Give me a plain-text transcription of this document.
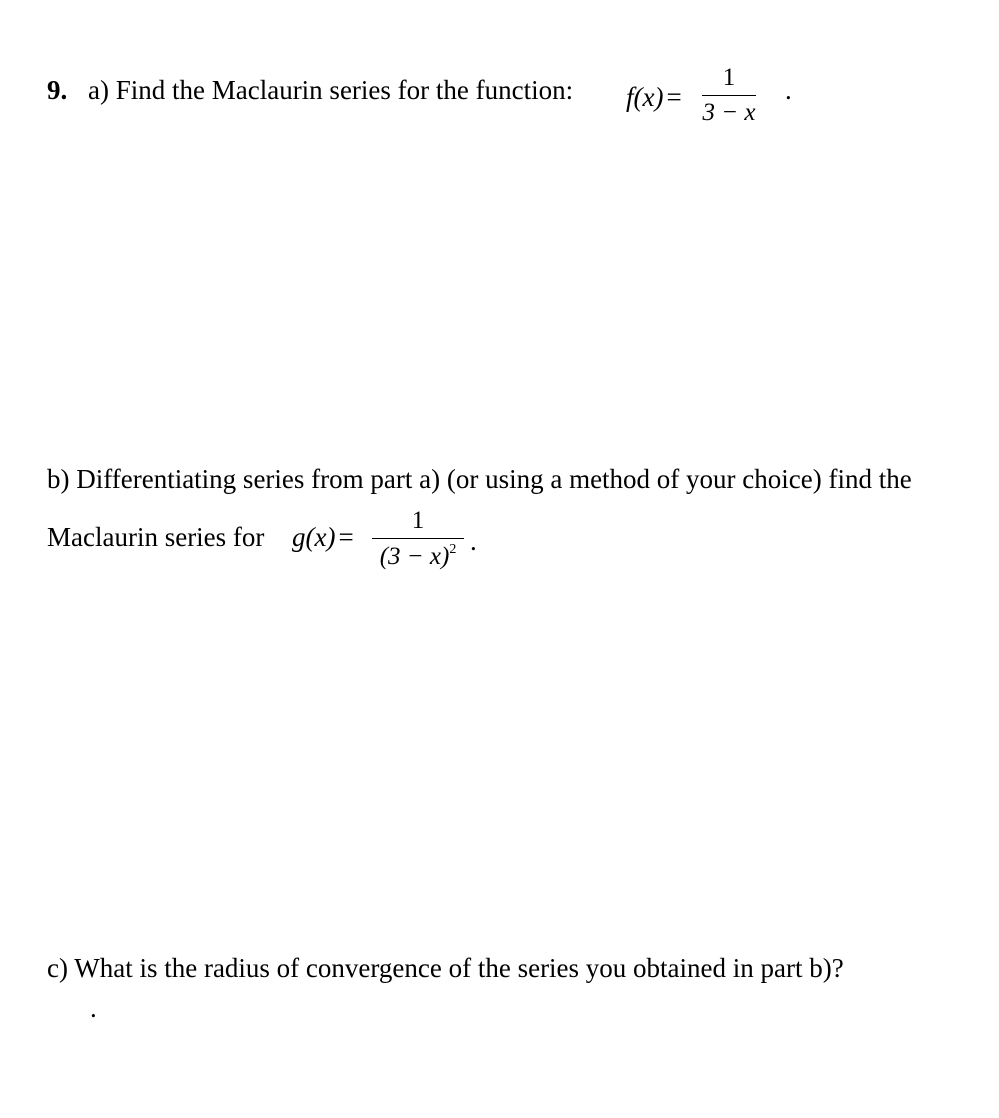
9. a) Find the Maclaurin series for the function: f(x) =
1
3 − x
.
b) Differentiating series from part a) (or using a method of your choice) find the
Maclaurin series for g(x) =
1
$(3 - x)^2$ .
c) What is the radius of convergence of the series you obtained in part b)?
.
